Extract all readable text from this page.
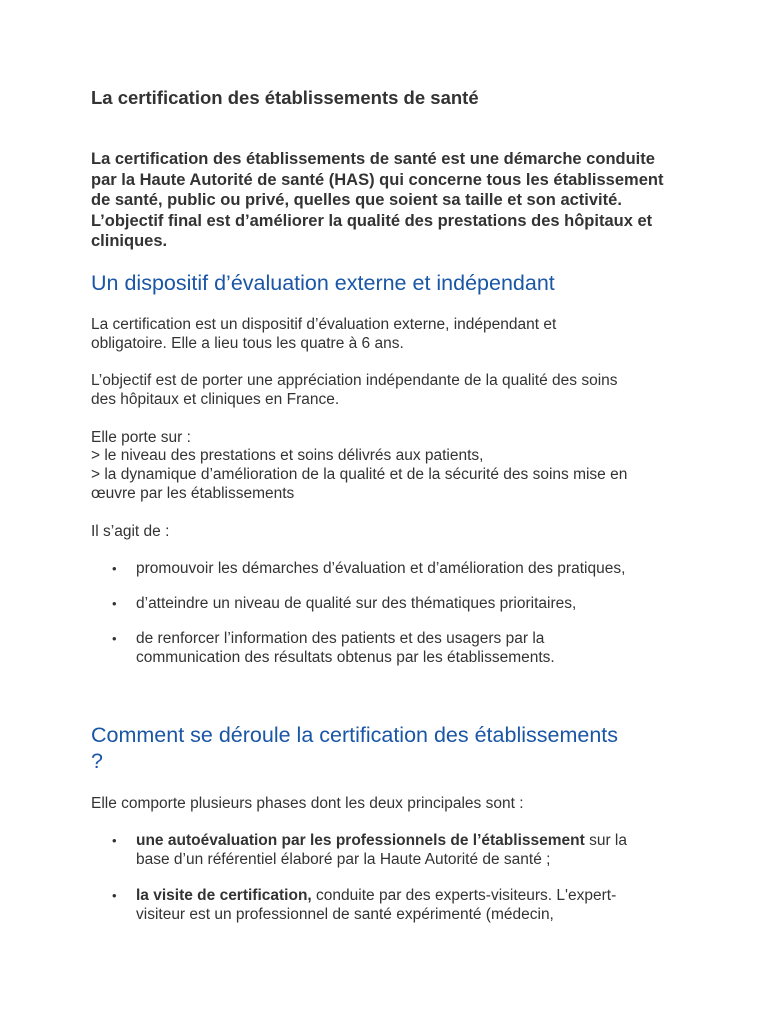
La certification des établissements de santé

La certification des établissements de santé est une démarche conduite par la Haute Autorité de santé (HAS) qui concerne tous les établissement de santé, public ou privé, quelles que soient sa taille et son activité. L’objectif final est d’améliorer la qualité des prestations des hôpitaux et cliniques.

Un dispositif d’évaluation externe et indépendant

La certification est un dispositif d’évaluation externe, indépendant et

obligatoire. Elle a lieu tous les quatre à 6 ans.

L’objectif est de porter une appréciation indépendante de la qualité des soins

des hôpitaux et cliniques en France.

Elle porte sur :

> le niveau des prestations et soins délivrés aux patients,

> la dynamique d’amélioration de la qualité et de la sécurité des soins mise en

œuvre par les établissements

Il s’agit de :

• promouvoir les démarches d’évaluation et d’amélioration des pratiques,
• d’atteindre un niveau de qualité sur des thématiques prioritaires,
• de renforcer l’information des patients et des usagers par la
communication des résultats obtenus par les établissements.
Comment se déroule la certification des établissements
?

Elle comporte plusieurs phases dont les deux principales sont :

• une autoévaluation par les professionnels de l’établissement sur la
base d’un référentiel élaboré par la Haute Autorité de santé ;
• la visite de certification, conduite par des experts-visiteurs. L'expert-
visiteur est un professionnel de santé expérimenté (médecin,
